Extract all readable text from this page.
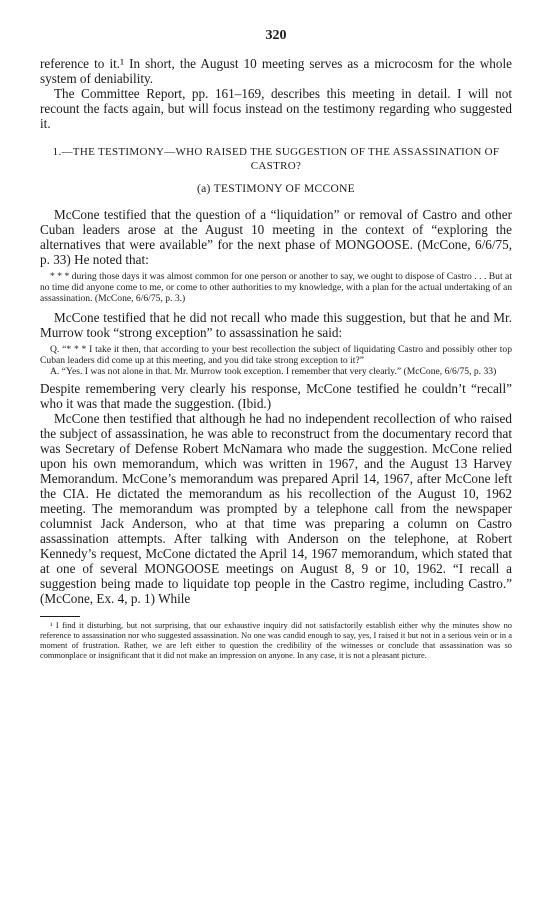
320

reference to it.¹ In short, the August 10 meeting serves as a microcosm for the whole system of deniability.

The Committee Report, pp. 161–169, describes this meeting in detail. I will not recount the facts again, but will focus instead on the testimony regarding who suggested it.

1.—THE TESTIMONY—WHO RAISED THE SUGGESTION OF THE ASSASSINATION OF CASTRO?
(a) TESTIMONY OF MCCONE

McCone testified that the question of a “liquidation” or removal of Castro and other Cuban leaders arose at the August 10 meeting in the context of “exploring the alternatives that were available” for the next phase of MONGOOSE. (McCone, 6/6/75, p. 33) He noted that:

* * * during those days it was almost common for one person or another to say, we ought to dispose of Castro . . . But at no time did anyone come to me, or come to other authorities to my knowledge, with a plan for the actual undertaking of an assassination. (McCone, 6/6/75, p. 3.)

McCone testified that he did not recall who made this suggestion, but that he and Mr. Murrow took “strong exception” to assassination he said:

Q. “* * * I take it then, that according to your best recollection the subject of liquidating Castro and possibly other top Cuban leaders did come up at this meeting, and you did take strong exception to it?”

A. “Yes. I was not alone in that. Mr. Murrow took exception. I remember that very clearly.” (McCone, 6/6/75, p. 33)

Despite remembering very clearly his response, McCone testified he couldn’t “recall” who it was that made the suggestion. (Ibid.)

McCone then testified that although he had no independent recollection of who raised the subject of assassination, he was able to reconstruct from the documentary record that was Secretary of Defense Robert McNamara who made the suggestion. McCone relied upon his own memorandum, which was written in 1967, and the August 13 Harvey Memorandum. McCone’s memorandum was prepared April 14, 1967, after McCone left the CIA. He dictated the memorandum as his recollection of the August 10, 1962 meeting. The memorandum was prompted by a telephone call from the newspaper columnist Jack Anderson, who at that time was preparing a column on Castro assassination attempts. After talking with Anderson on the telephone, at Robert Kennedy’s request, McCone dictated the April 14, 1967 memorandum, which stated that at one of several MONGOOSE meetings on August 8, 9 or 10, 1962. “I recall a suggestion being made to liquidate top people in the Castro regime, including Castro.” (McCone, Ex. 4, p. 1) While

¹ I find it disturbing, but not surprising, that our exhaustive inquiry did not satisfactorily establish either why the minutes show no reference to assassination nor who suggested assassination. No one was candid enough to say, yes, I raised it but not in a serious vein or in a moment of frustration. Rather, we are left either to question the credibility of the witnesses or conclude that assassination was so commonplace or insignificant that it did not make an impression on anyone. In any case, it is not a pleasant picture.
